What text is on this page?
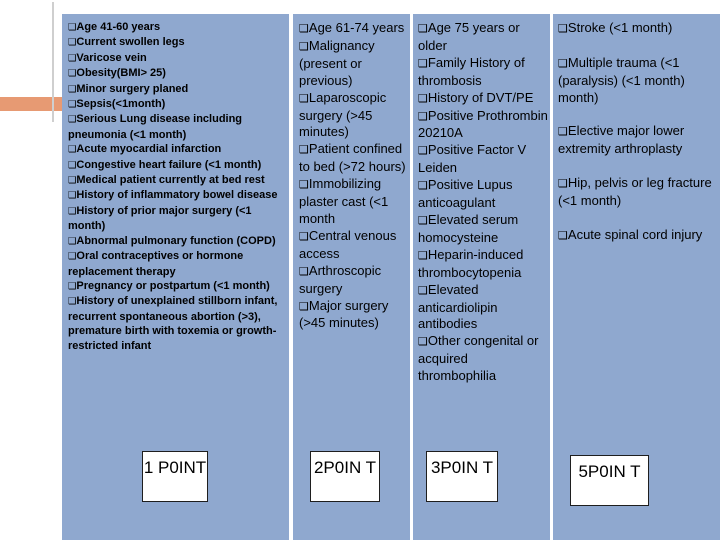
❑Age 41-60 years
❑Current swollen legs
❑Varicose vein
❑Obesity(BMI> 25)
❑Minor surgery planed
❑Sepsis(<1month)
❑Serious Lung disease including pneumonia (<1 month)
❑Acute myocardial infarction
❑Congestive heart failure (<1 month)
❑Medical patient currently at bed rest
❑History of inflammatory bowel disease
❑History of prior major surgery (<1 month)
❑Abnormal pulmonary function (COPD)
❑Oral contraceptives or hormone replacement therapy
❑Pregnancy or postpartum (<1 month)
❑History of unexplained stillborn infant, recurrent spontaneous abortion (>3), premature birth with toxemia or growth-restricted infant
❑Age 61-74 years
❑Malignancy (present or previous)
❑Laparoscopic surgery (>45 minutes)
❑Patient confined to bed (>72 hours)
❑Immobilizing plaster cast (<1 month
❑Central venous access
❑Arthroscopic surgery
❑Major surgery (>45 minutes)
❑Age 75 years or older
❑Family History of thrombosis
❑History of DVT/PE
❑Positive Prothrombin 20210A
❑Positive Factor V Leiden
❑Positive Lupus anticoagulant
❑Elevated serum homocysteine
❑Heparin-induced thrombocytopenia
❑Elevated anticardiolipin antibodies
❑Other congenital or acquired thrombophilia
❑Stroke (<1 month)
❑Multiple trauma (<1 (paralysis) (<1 month) month)
❑Elective major lower extremity arthroplasty
❑Hip, pelvis or leg fracture (<1 month)
❑Acute spinal cord injury
1 P0INT	2P0IN T	3P0IN T	5P0IN T
